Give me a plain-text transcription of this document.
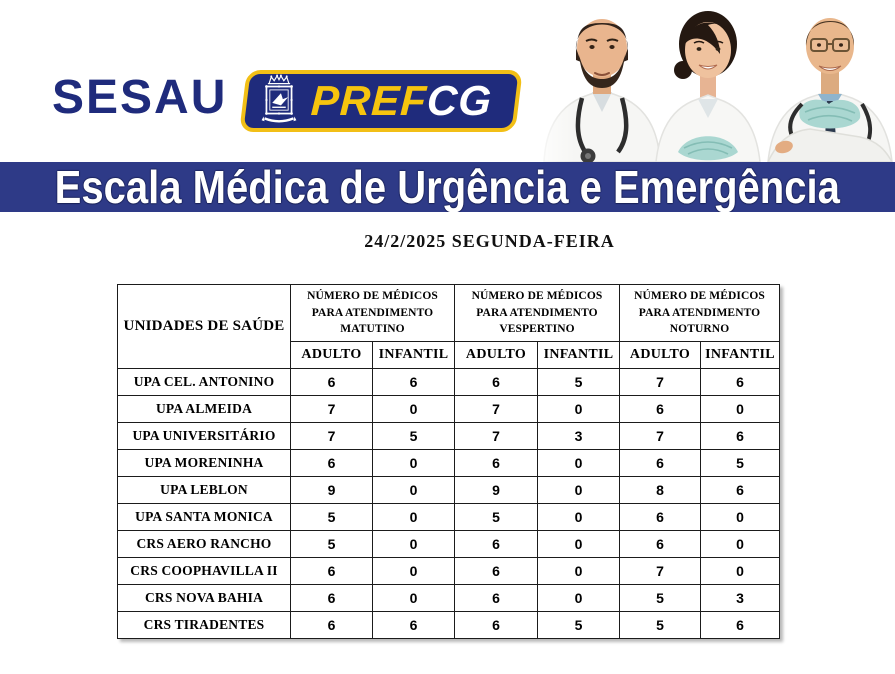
SESAU PREFCG
Escala Médica de Urgência e Emergência
24/2/2025 SEGUNDA-FEIRA
UNIDADES DE SAÚDE	NÚMERO DE MÉDICOS PARA ATENDIMENTO MATUTINO		NÚMERO DE MÉDICOS PARA ATENDIMENTO VESPERTINO		NÚMERO DE MÉDICOS PARA ATENDIMENTO NOTURNO	
	ADULTO	INFANTIL	ADULTO	INFANTIL	ADULTO	INFANTIL
UPA CEL. ANTONINO	6	6	6	5	7	6
UPA ALMEIDA	7	0	7	0	6	0
UPA UNIVERSITÁRIO	7	5	7	3	7	6
UPA MORENINHA	6	0	6	0	6	5
UPA LEBLON	9	0	9	0	8	6
UPA SANTA MONICA	5	0	5	0	6	0
CRS AERO RANCHO	5	0	6	0	6	0
CRS COOPHAVILLA II	6	0	6	0	7	0
CRS NOVA BAHIA	6	0	6	0	5	3
CRS TIRADENTES	6	6	6	5	5	6
